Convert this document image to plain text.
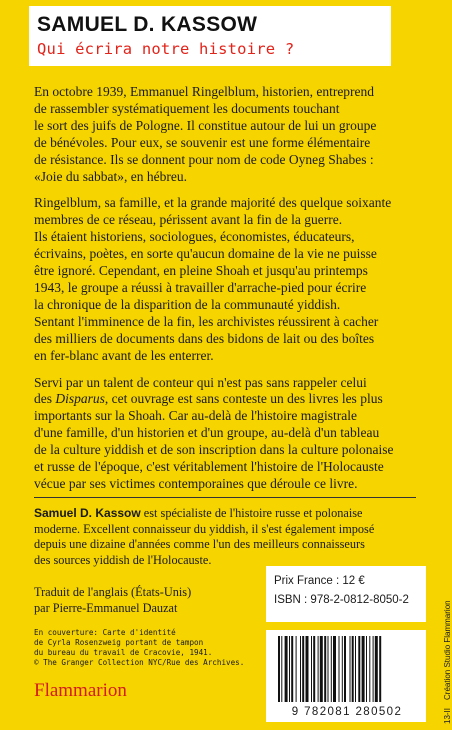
SAMUEL D. KASSOW
Qui écrira notre histoire ?

En octobre 1939, Emmanuel Ringelblum, historien, entreprend
de rassembler systématiquement les documents touchant
le sort des juifs de Pologne. Il constitue autour de lui un groupe
de bénévoles. Pour eux, se souvenir est une forme élémentaire
de résistance. Ils se donnent pour nom de code Oyneg Shabes :
«Joie du sabbat», en hébreu.

Ringelblum, sa famille, et la grande majorité des quelque soixante
membres de ce réseau, périssent avant la fin de la guerre.
Ils étaient historiens, sociologues, économistes, éducateurs,
écrivains, poètes, en sorte qu'aucun domaine de la vie ne puisse
être ignoré. Cependant, en pleine Shoah et jusqu'au printemps
1943, le groupe a réussi à travailler d'arrache-pied pour écrire
la chronique de la disparition de la communauté yiddish.
Sentant l'imminence de la fin, les archivistes réussirent à cacher
des milliers de documents dans des bidons de lait ou des boîtes
en fer-blanc avant de les enterrer.

Servi par un talent de conteur qui n'est pas sans rappeler celui
des Disparus, cet ouvrage est sans conteste un des livres les plus
importants sur la Shoah. Car au-delà de l'histoire magistrale
d'une famille, d'un historien et d'un groupe, au-delà d'un tableau
de la culture yiddish et de son inscription dans la culture polonaise
et russe de l'époque, c'est véritablement l'histoire de l'Holocauste
vécue par ses victimes contemporaines que déroule ce livre.

Samuel D. Kassow est spécialiste de l'histoire russe et polonaise
moderne. Excellent connaisseur du yiddish, il s'est également imposé
depuis une dizaine d'années comme l'un des meilleurs connaisseurs
des sources yiddish de l'Holocauste.
Traduit de l'anglais (États-Unis)
par Pierre-Emmanuel Dauzat
En couverture: Carte d'identité
de Cyrla Rosenzweig portant de tampon
du bureau du travail de Cracovie, 1941.
© The Granger Collection NYC/Rue des Archives.
Flammarion
Prix France : 12 €
ISBN : 978-2-0812-8050-2
9 782081 280502	13-II
Création Studio Flammarion
